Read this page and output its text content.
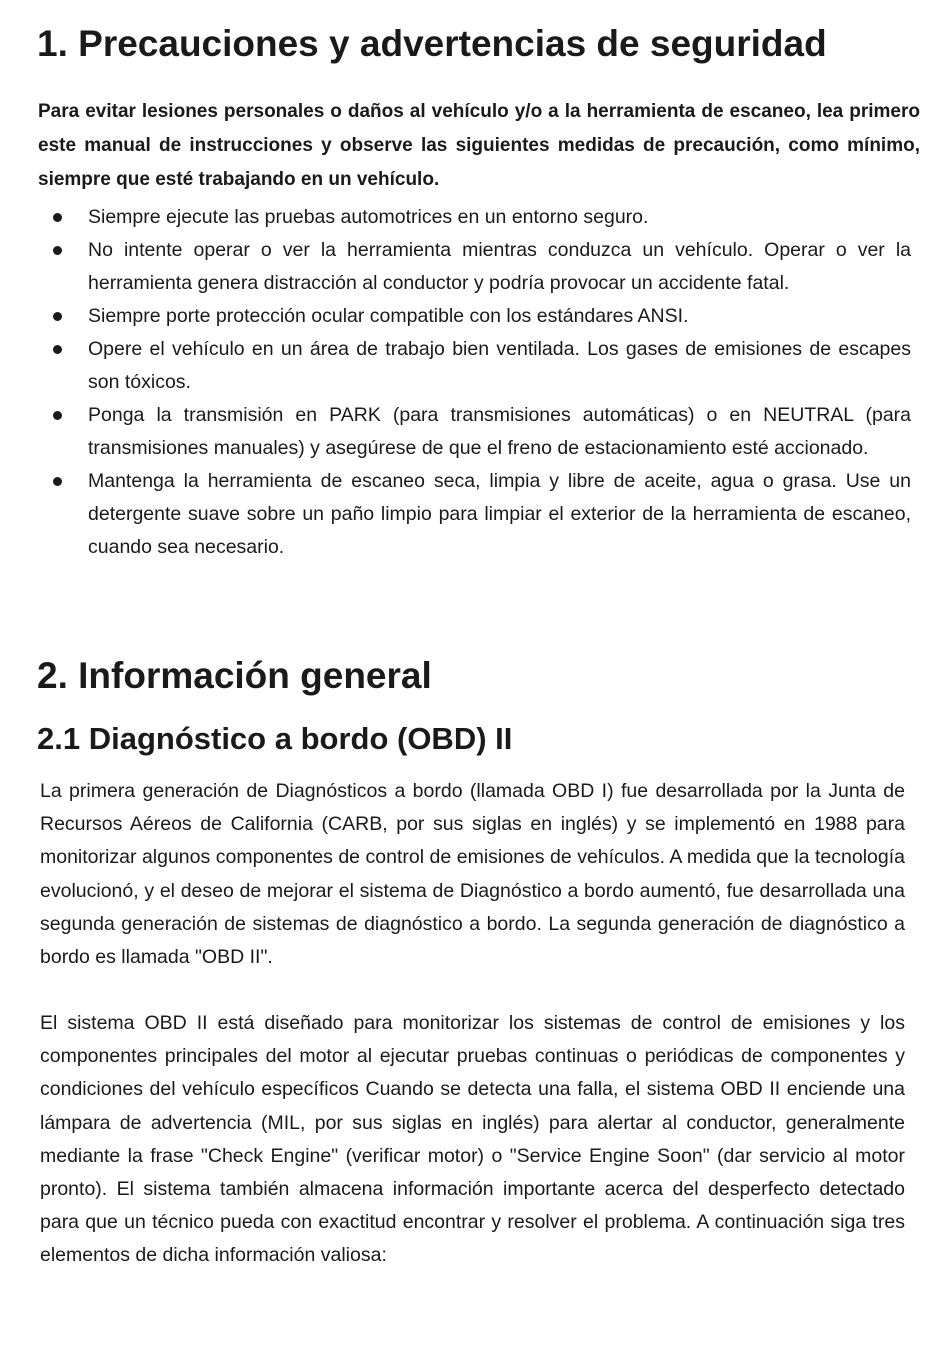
1. Precauciones y advertencias de seguridad

Para evitar lesiones personales o daños al vehículo y/o a la herramienta de escaneo, lea primero este manual de instrucciones y observe las siguientes medidas de precaución, como mínimo, siempre que esté trabajando en un vehículo.

Siempre ejecute las pruebas automotrices en un entorno seguro.
No intente operar o ver la herramienta mientras conduzca un vehículo. Operar o ver la herramienta genera distracción al conductor y podría provocar un accidente fatal.
Siempre porte protección ocular compatible con los estándares ANSI.
Opere el vehículo en un área de trabajo bien ventilada. Los gases de emisiones de escapes son tóxicos.
Ponga la transmisión en PARK (para transmisiones automáticas) o en NEUTRAL (para transmisiones manuales) y asegúrese de que el freno de estacionamiento esté accionado.
Mantenga la herramienta de escaneo seca, limpia y libre de aceite, agua o grasa. Use un detergente suave sobre un paño limpio para limpiar el exterior de la herramienta de escaneo, cuando sea necesario.
2. Información general
2.1 Diagnóstico a bordo (OBD) II

La primera generación de Diagnósticos a bordo (llamada OBD I) fue desarrollada por la Junta de Recursos Aéreos de California (CARB, por sus siglas en inglés) y se implementó en 1988 para monitorizar algunos componentes de control de emisiones de vehículos. A medida que la tecnología evolucionó, y el deseo de mejorar el sistema de Diagnóstico a bordo aumentó, fue desarrollada una segunda generación de sistemas de diagnóstico a bordo. La segunda generación de diagnóstico a bordo es llamada "OBD II".

El sistema OBD II está diseñado para monitorizar los sistemas de control de emisiones y los componentes principales del motor al ejecutar pruebas continuas o periódicas de componentes y condiciones del vehículo específicos Cuando se detecta una falla, el sistema OBD II enciende una lámpara de advertencia (MIL, por sus siglas en inglés) para alertar al conductor, generalmente mediante la frase "Check Engine" (verificar motor) o "Service Engine Soon" (dar servicio al motor pronto). El sistema también almacena información importante acerca del desperfecto detectado para que un técnico pueda con exactitud encontrar y resolver el problema. A continuación siga tres elementos de dicha información valiosa:
